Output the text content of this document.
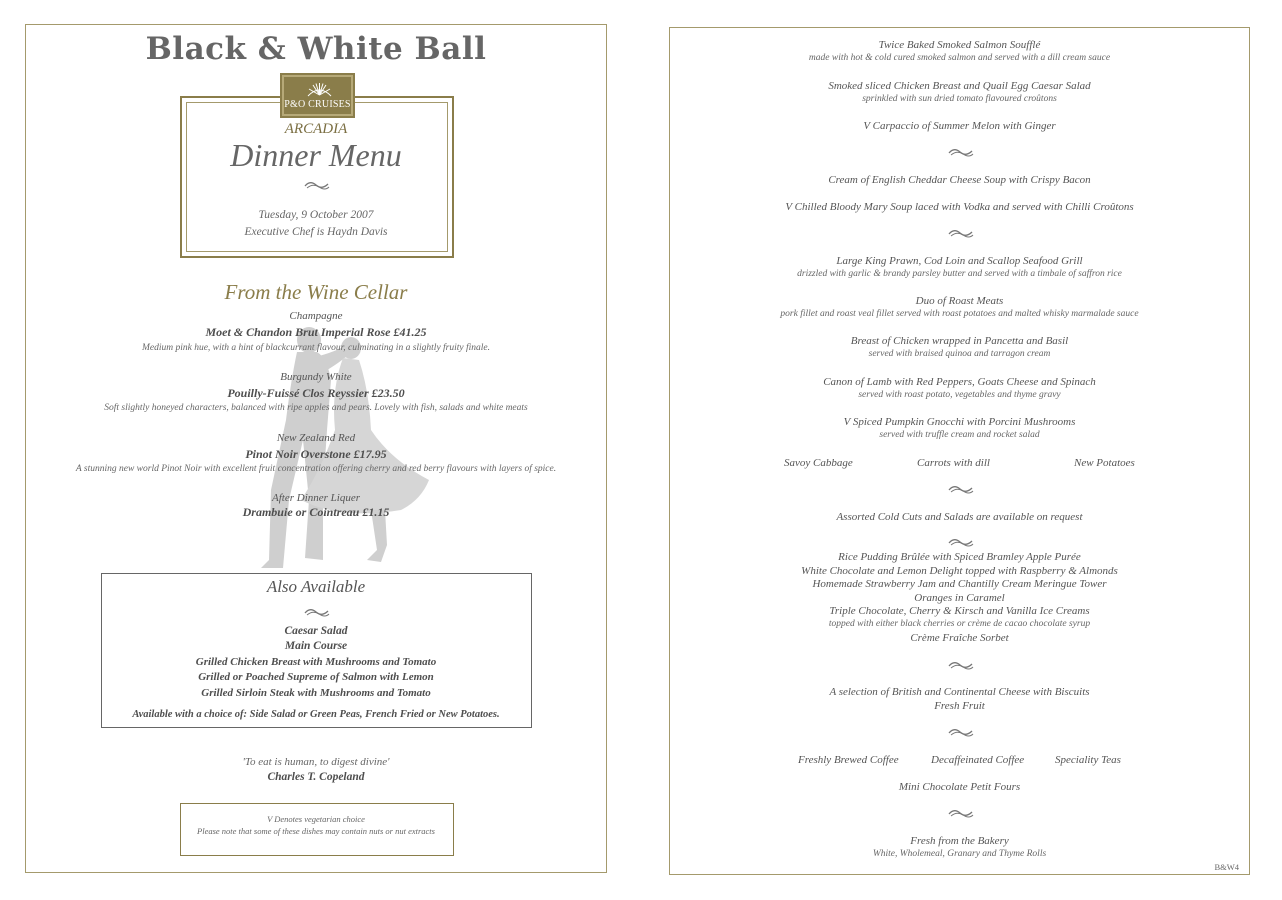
Black & White Ball
P&O CRUISES
ARCADIA
Dinner Menu
Tuesday, 9 October 2007
Executive Chef is Haydn Davis
From the Wine Cellar
Champagne
Moet & Chandon Brut Imperial Rose £41.25
Medium pink hue, with a hint of blackcurrant flavour, culminating in a slightly fruity finale.
Burgundy White
Pouilly-Fuissé Clos Reyssier £23.50
Soft slightly honeyed characters, balanced with ripe apples and pears. Lovely with fish, salads and white meats
New Zealand Red
Pinot Noir Overstone £17.95
A stunning new world Pinot Noir with excellent fruit concentration offering cherry and red berry flavours with layers of spice.
After Dinner Liquer
Drambuie or Cointreau £1.15
Also Available
Caesar Salad
Main Course
Grilled Chicken Breast with Mushrooms and Tomato
Grilled or Poached Supreme of Salmon with Lemon
Grilled Sirloin Steak with Mushrooms and Tomato
Available with a choice of: Side Salad or Green Peas, French Fried or New Potatoes.
'To eat is human, to digest divine'
Charles T. Copeland
V Denotes vegetarian choice
Please note that some of these dishes may contain nuts or nut extracts
Twice Baked Smoked Salmon Soufflé
made with hot & cold cured smoked salmon and served with a dill cream sauce
Smoked sliced Chicken Breast and Quail Egg Caesar Salad
sprinkled with sun dried tomato flavoured croûtons
V Carpaccio of Summer Melon with Ginger
Cream of English Cheddar Cheese Soup with Crispy Bacon
V Chilled Bloody Mary Soup laced with Vodka and served with Chilli Croûtons
Large King Prawn, Cod Loin and Scallop Seafood Grill
drizzled with garlic & brandy parsley butter and served with a timbale of saffron rice
Duo of Roast Meats
pork fillet and roast veal fillet served with roast potatoes and malted whisky marmalade sauce
Breast of Chicken wrapped in Pancetta and Basil
served with braised quinoa and tarragon cream
Canon of Lamb with Red Peppers, Goats Cheese and Spinach
served with roast potato, vegetables and thyme gravy
V Spiced Pumpkin Gnocchi with Porcini Mushrooms
served with truffle cream and rocket salad
Savoy Cabbage	Carrots with dill	New Potatoes
Assorted Cold Cuts and Salads are available on request
Rice Pudding Brûlée with Spiced Bramley Apple Purée
White Chocolate and Lemon Delight topped with Raspberry & Almonds
Homemade Strawberry Jam and Chantilly Cream Meringue Tower
Oranges in Caramel
Triple Chocolate, Cherry & Kirsch and Vanilla Ice Creams
topped with either black cherries or crème de cacao chocolate syrup
Crème Fraîche Sorbet
A selection of British and Continental Cheese with Biscuits
Fresh Fruit
Freshly Brewed Coffee	Decaffeinated Coffee	Speciality Teas
Mini Chocolate Petit Fours
Fresh from the Bakery
White, Wholemeal, Granary and Thyme Rolls
B&W4
